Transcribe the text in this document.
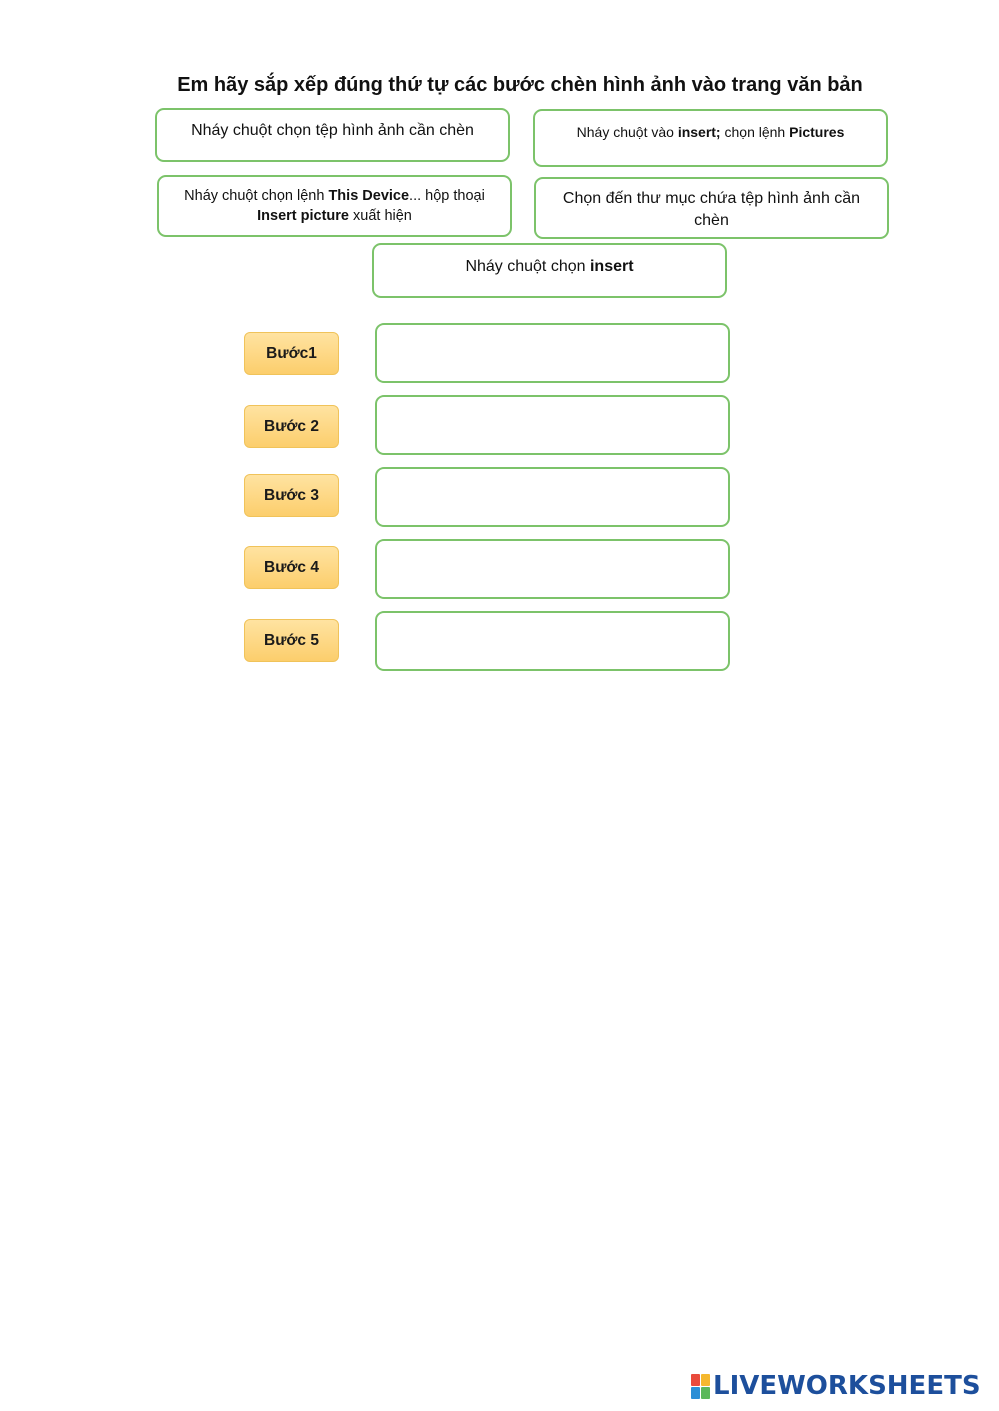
Em hãy sắp xếp đúng thứ tự các bước chèn hình ảnh vào trang văn bản
Nháy chuột chọn tệp hình ảnh cần chèn	Nháy chuột vào insert; chọn lệnh Pictures
Nháy chuột chọn lệnh This Device... hộp thoại Insert picture xuất hiện
Chọn đến thư mục chứa tệp hình ảnh cần chèn
Nháy chuột chọn insert
Bước1
Bước 2
Bước 3
Bước 4
Bước 5
LIVEWORKSHEETS
